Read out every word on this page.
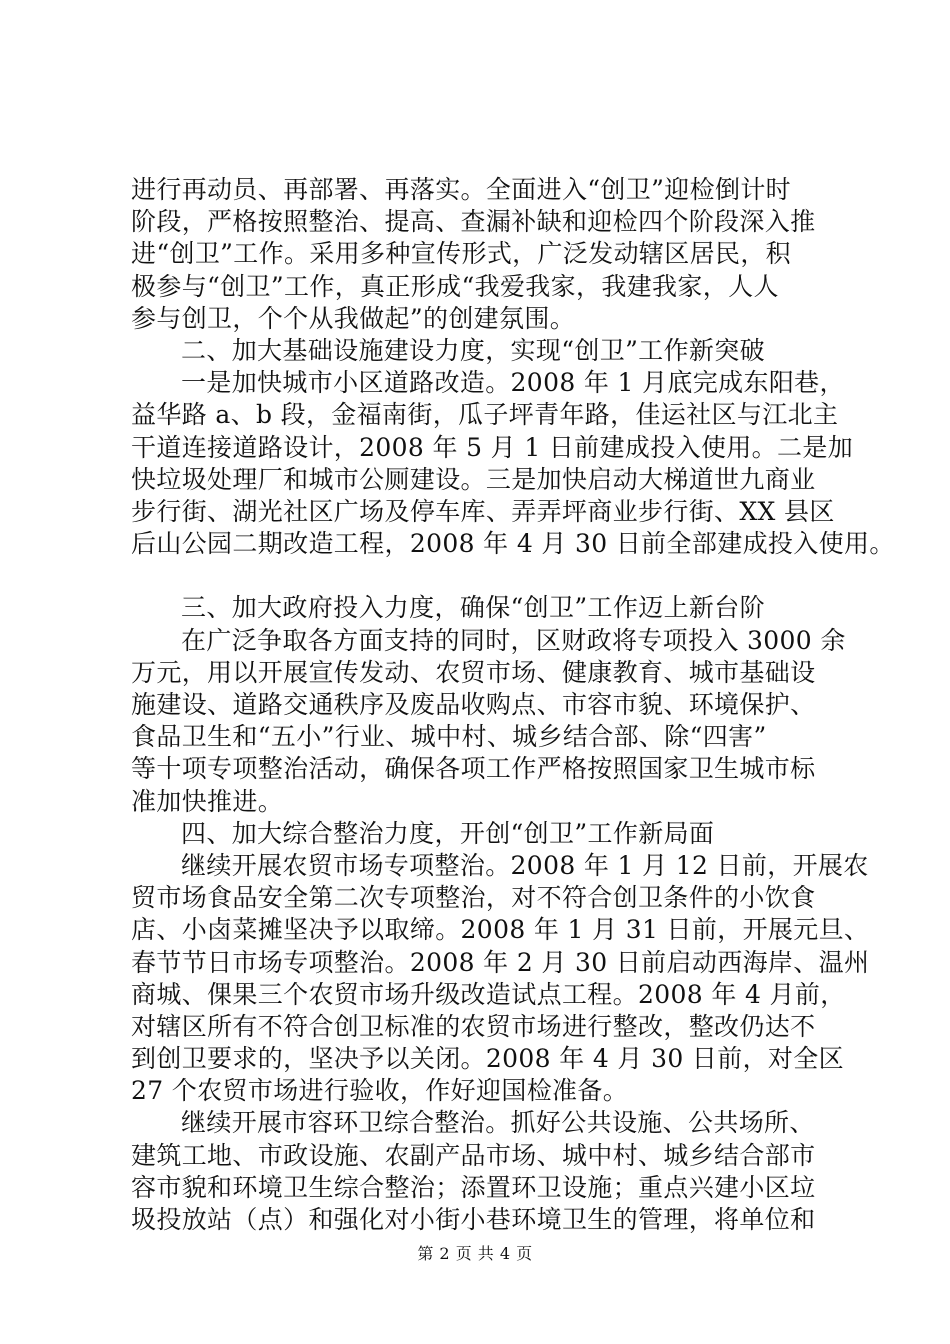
进行再动员、再部署、再落实。全面进入“创卫”迎检倒计时
阶段，严格按照整治、提高、查漏补缺和迎检四个阶段深入推
进“创卫”工作。采用多种宣传形式，广泛发动辖区居民，积
极参与“创卫”工作，真正形成“我爱我家，我建我家，人人
参与创卫，个个从我做起”的创建氛围。
二、加大基础设施建设力度，实现“创卫”工作新突破
一是加快城市小区道路改造。2008 年 1 月底完成东阳巷，
益华路 a、b 段，金福南街，瓜子坪青年路，佳运社区与江北主
干道连接道路设计，2008 年 5 月 1 日前建成投入使用。二是加
快垃圾处理厂和城市公厕建设。三是加快启动大梯道世九商业
步行街、湖光社区广场及停车库、弄弄坪商业步行街、XX 县区
后山公园二期改造工程，2008 年 4 月 30 日前全部建成投入使用。
三、加大政府投入力度，确保“创卫”工作迈上新台阶
在广泛争取各方面支持的同时，区财政将专项投入 3000 余
万元，用以开展宣传发动、农贸市场、健康教育、城市基础设
施建设、道路交通秩序及废品收购点、市容市貌、环境保护、
食品卫生和“五小”行业、城中村、城乡结合部、除“四害”
等十项专项整治活动，确保各项工作严格按照国家卫生城市标
准加快推进。
四、加大综合整治力度，开创“创卫”工作新局面
继续开展农贸市场专项整治。2008 年 1 月 12 日前，开展农
贸市场食品安全第二次专项整治，对不符合创卫条件的小饮食
店、小卤菜摊坚决予以取缔。2008 年 1 月 31 日前，开展元旦、
春节节日市场专项整治。2008 年 2 月 30 日前启动西海岸、温州
商城、倮果三个农贸市场升级改造试点工程。2008 年 4 月前，
对辖区所有不符合创卫标准的农贸市场进行整改，整改仍达不
到创卫要求的，坚决予以关闭。2008 年 4 月 30 日前，对全区
27 个农贸市场进行验收，作好迎国检准备。
继续开展市容环卫综合整治。抓好公共设施、公共场所、
建筑工地、市政设施、农副产品市场、城中村、城乡结合部市
容市貌和环境卫生综合整治；添置环卫设施；重点兴建小区垃
圾投放站（点）和强化对小街小巷环境卫生的管理，将单位和
第 2 页 共 4 页
